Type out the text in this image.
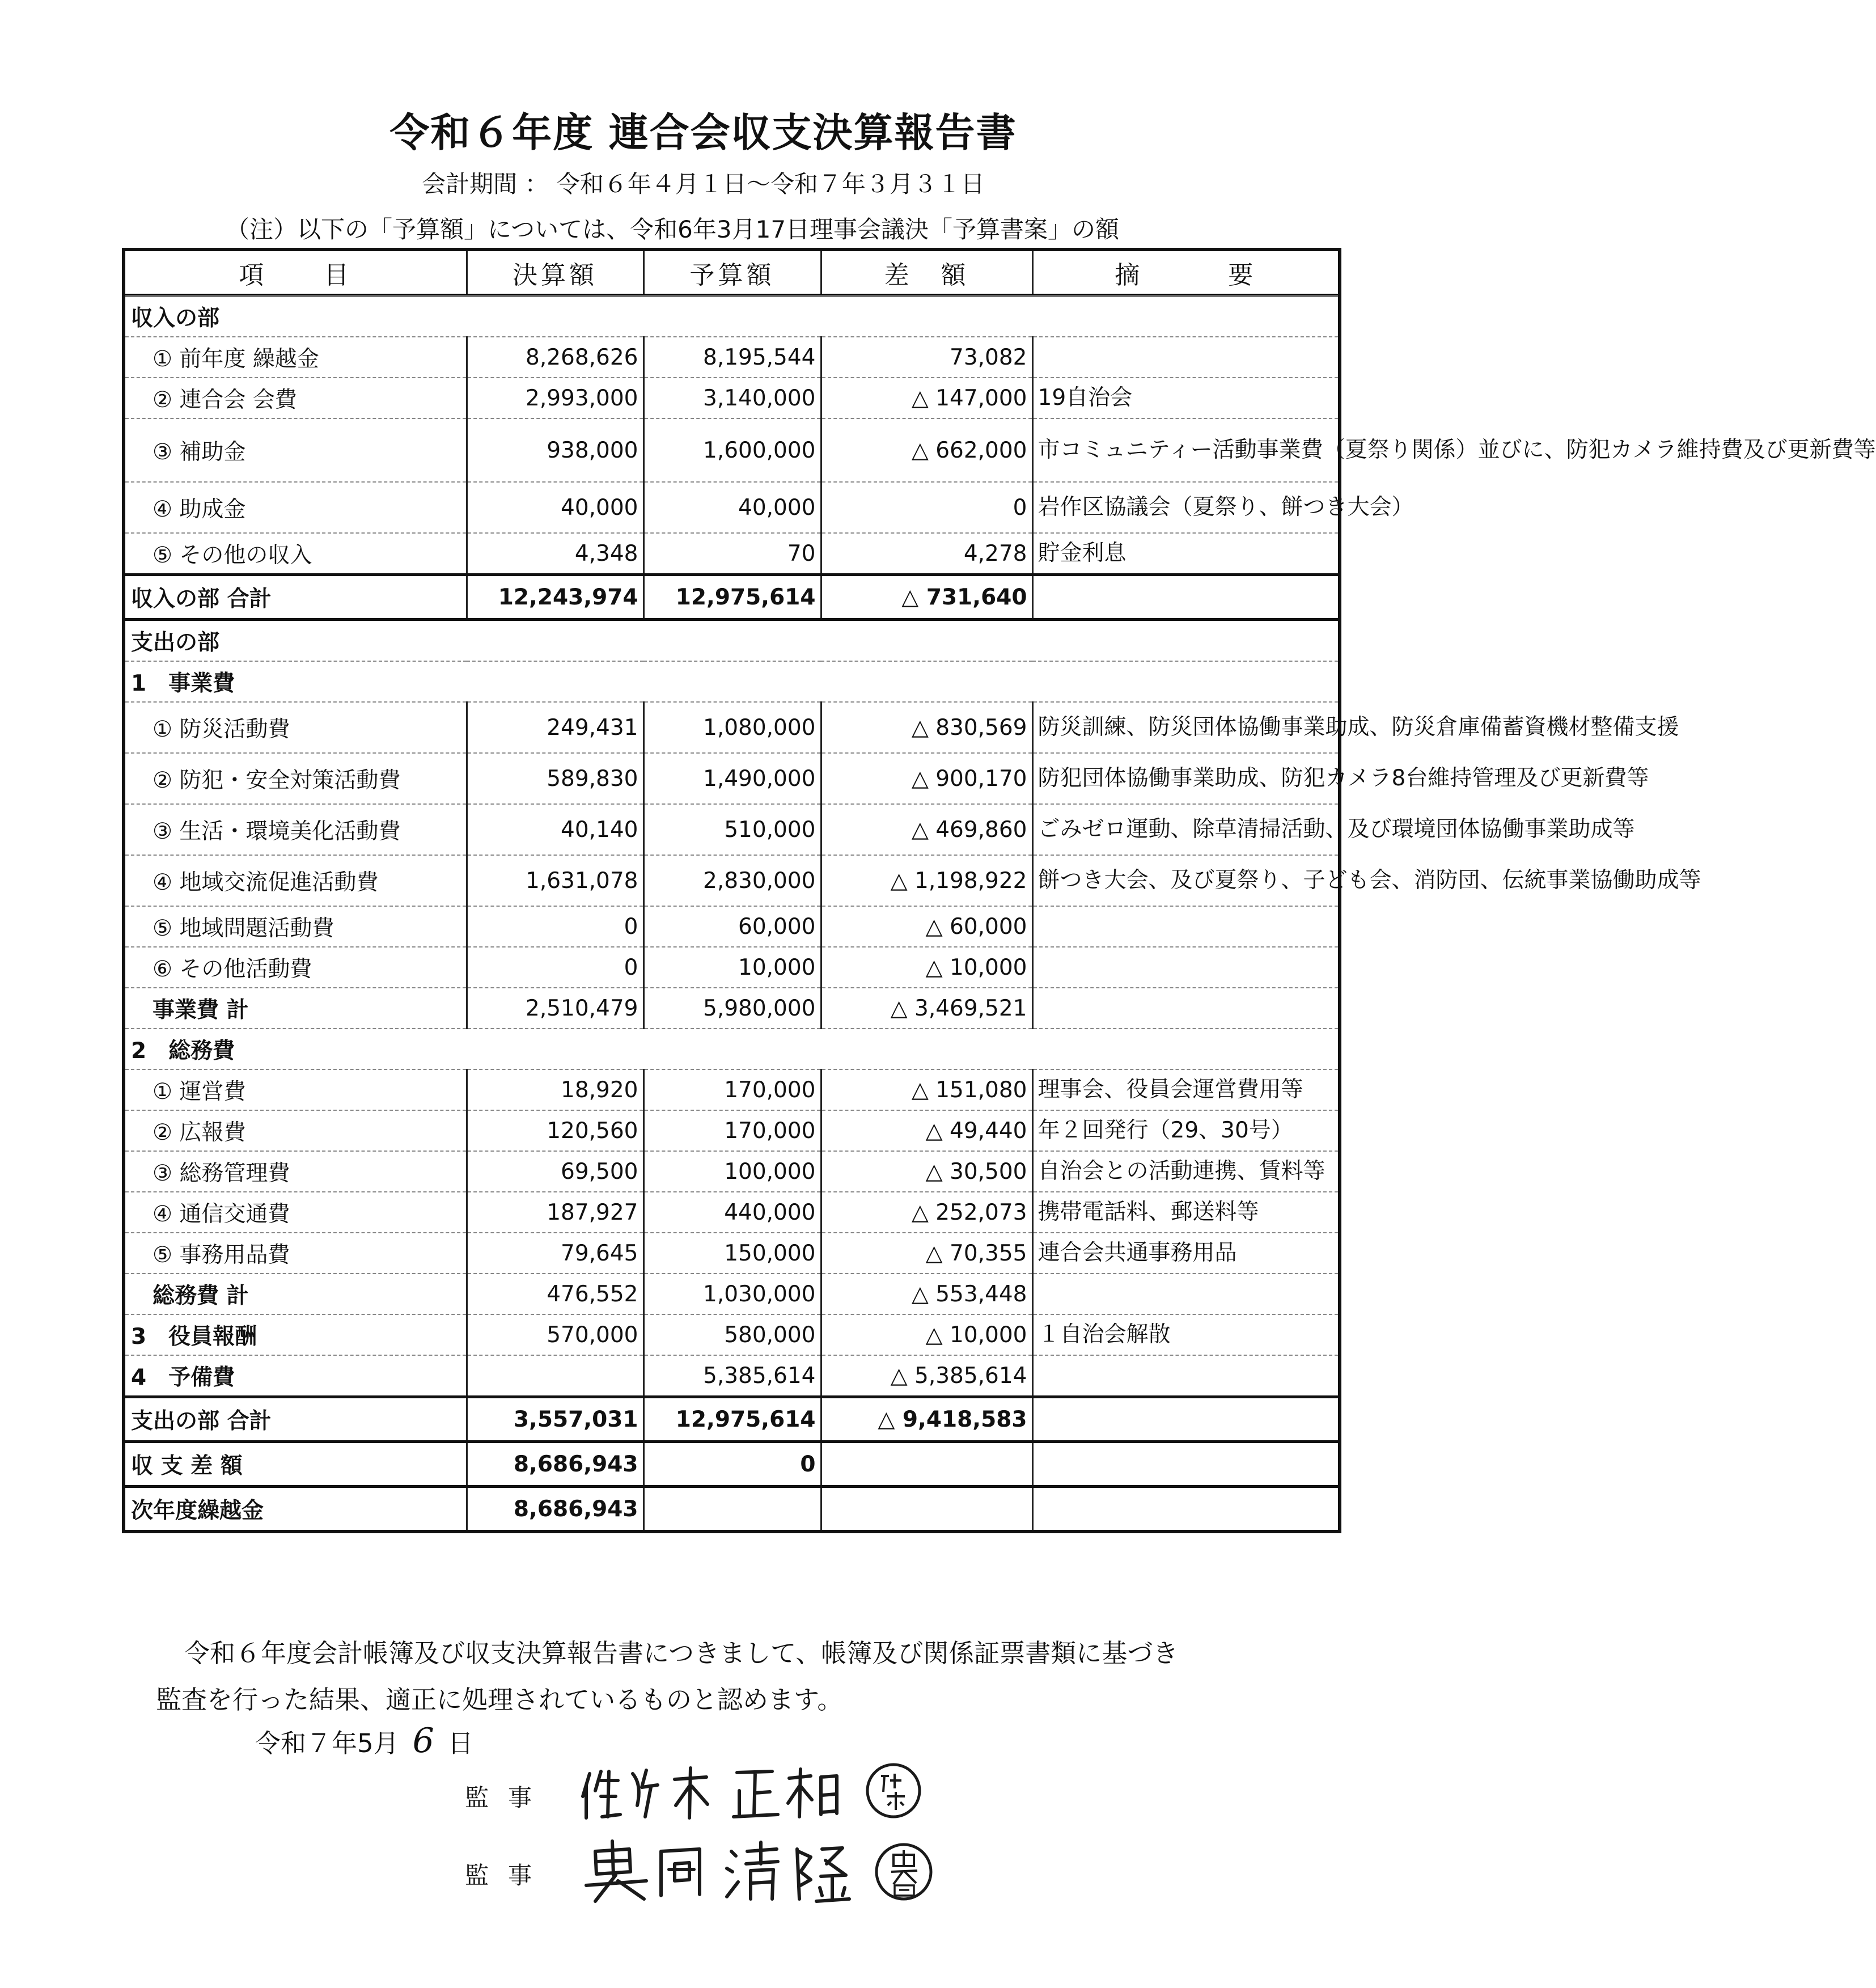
令和６年度 連合会収支決算報告書
会計期間 ： 令和６年４月１日～令和７年３月３１日
（注）以下の「予算額」については、令和6年3月17日理事会議決「予算書案」の額
項　　目	決算額	予算額	差　額	摘　　　要
収入の部				
① 前年度 繰越金	8,268,626	8,195,544	73,082	
② 連合会 会費	2,993,000	3,140,000	△ 147,000	19自治会
③ 補助金	938,000	1,600,000	△ 662,000	市コミュニティー活動事業費（夏祭り関係）並びに、防犯カメラ維持費及び更新費等
④ 助成金	40,000	40,000	0	岩作区協議会（夏祭り、餅つき大会）
⑤ その他の収入	4,348	70	4,278	貯金利息
収入の部 合計	12,243,974	12,975,614	△ 731,640	
支出の部				
1　事業費				
① 防災活動費	249,431	1,080,000	△ 830,569	防災訓練、防災団体協働事業助成、防災倉庫備蓄資機材整備支援
② 防犯・安全対策活動費	589,830	1,490,000	△ 900,170	防犯団体協働事業助成、防犯カメラ8台維持管理及び更新費等
③ 生活・環境美化活動費	40,140	510,000	△ 469,860	ごみゼロ運動、除草清掃活動、及び環境団体協働事業助成等
④ 地域交流促進活動費	1,631,078	2,830,000	△ 1,198,922	餅つき大会、及び夏祭り、子ども会、消防団、伝統事業協働助成等
⑤ 地域問題活動費	0	60,000	△ 60,000	
⑥ その他活動費	0	10,000	△ 10,000	
事業費 計	2,510,479	5,980,000	△ 3,469,521	
2　総務費				
① 運営費	18,920	170,000	△ 151,080	理事会、役員会運営費用等
② 広報費	120,560	170,000	△ 49,440	年２回発行（29、30号）
③ 総務管理費	69,500	100,000	△ 30,500	自治会との活動連携、賃料等
④ 通信交通費	187,927	440,000	△ 252,073	携帯電話料、郵送料等
⑤ 事務用品費	79,645	150,000	△ 70,355	連合会共通事務用品
総務費 計	476,552	1,030,000	△ 553,448	
3　役員報酬	570,000	580,000	△ 10,000	１自治会解散
4　予備費		5,385,614	△ 5,385,614	
支出の部 合計	3,557,031	12,975,614	△ 9,418,583	
収 支 差 額	8,686,943	0		
次年度繰越金	8,686,943			
令和６年度会計帳簿及び収支決算報告書につきまして、帳簿及び関係証票書類に基づき
監査を行った結果、適正に処理されているものと認めます。
令和７年5月 6 日
監事
監事
